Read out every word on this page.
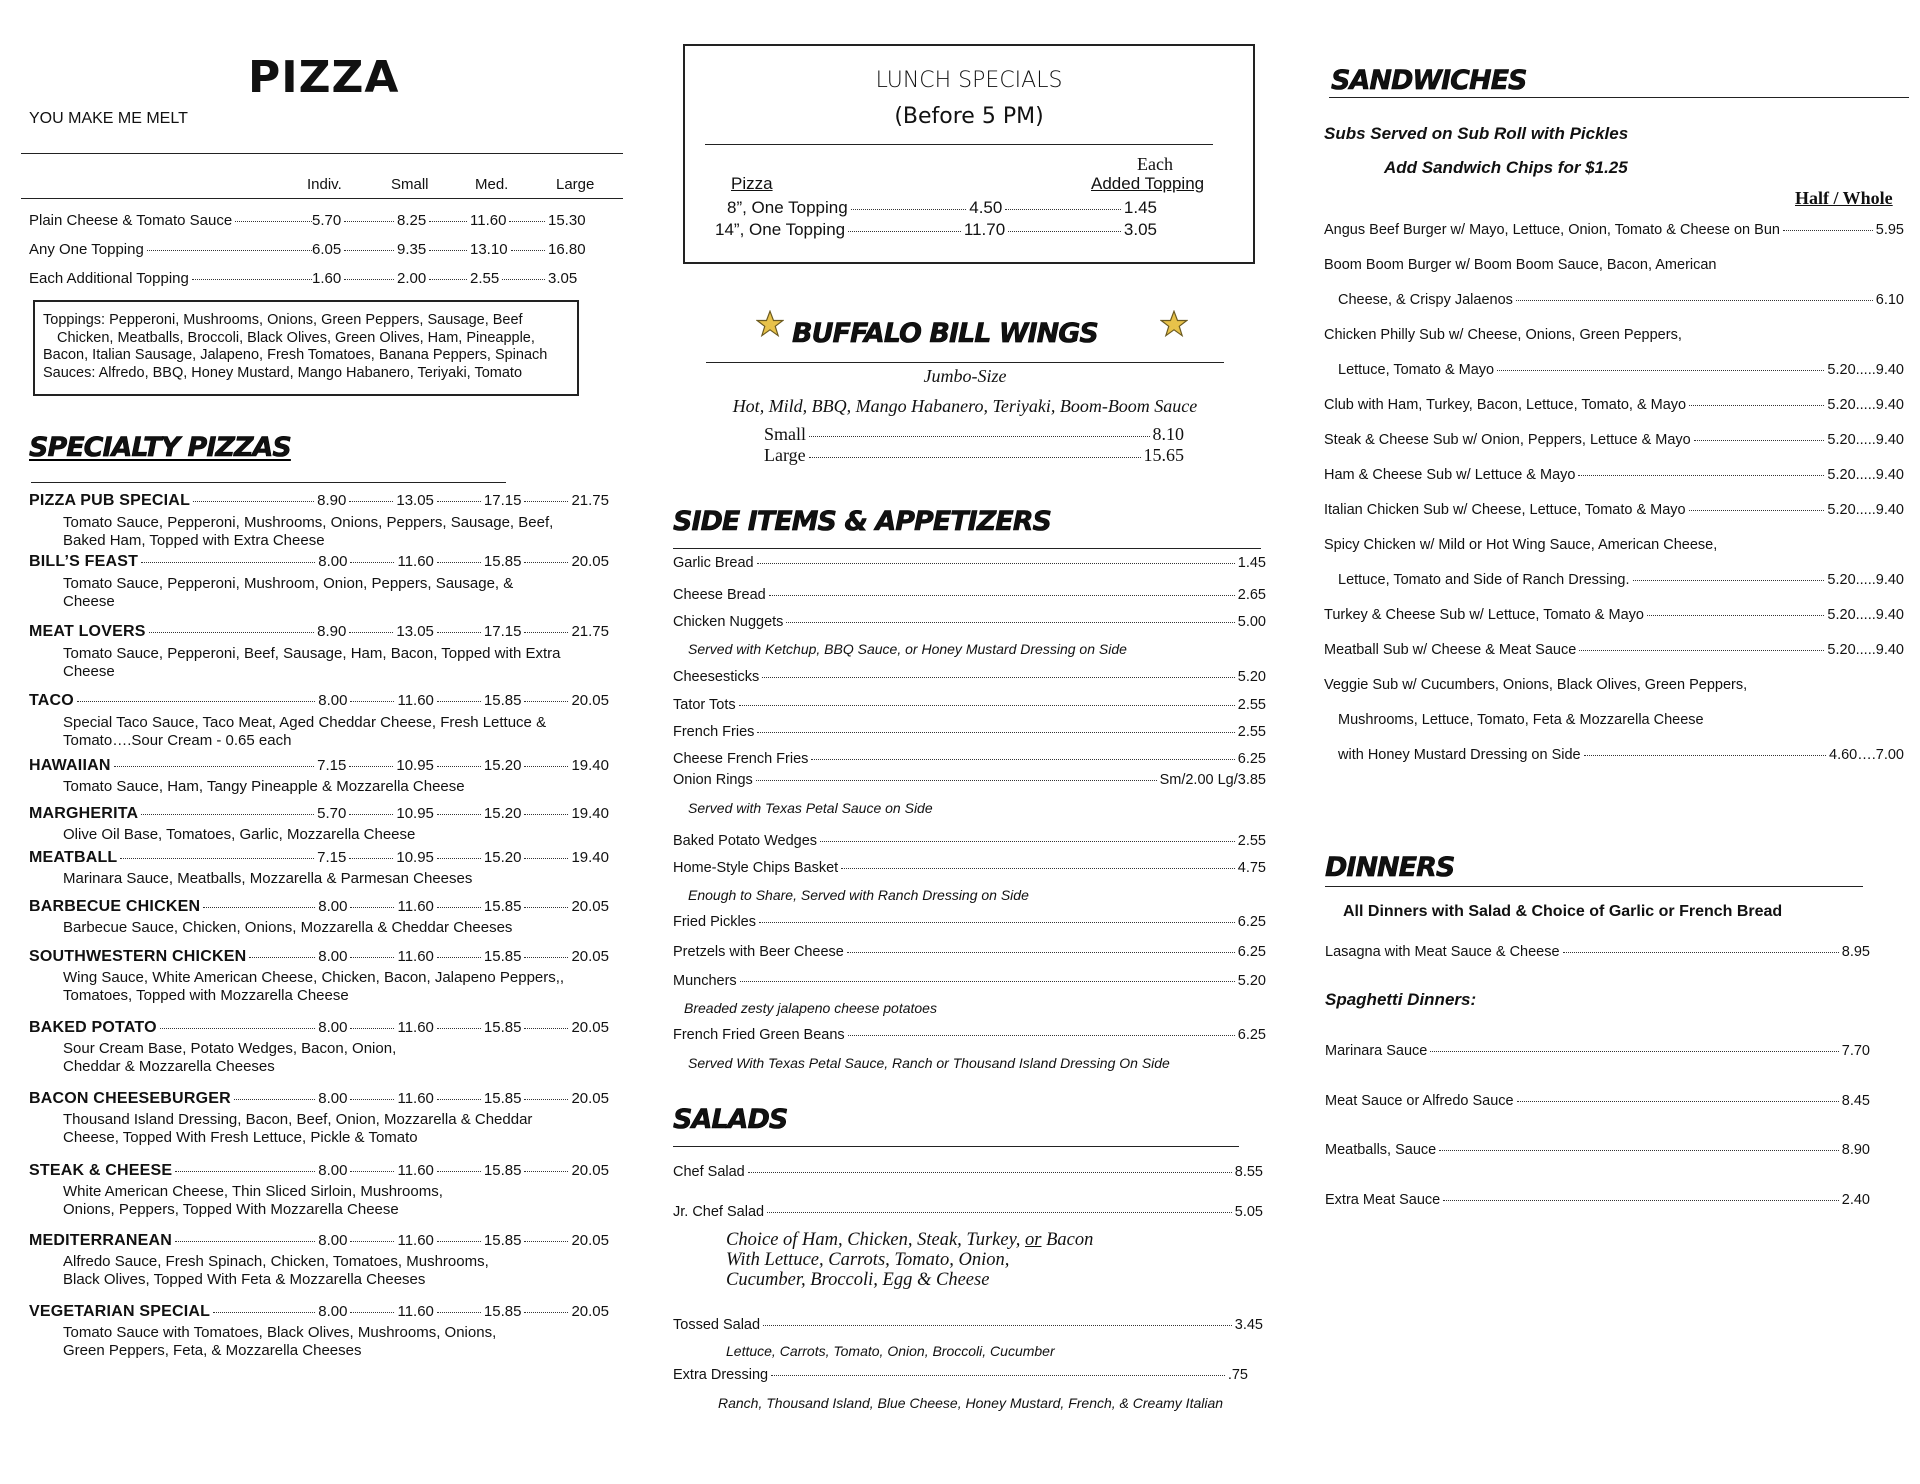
PIZZA
YOU MAKE ME MELT
Indiv.	Small	Med.	Large
Plain Cheese & Tomato Sauce	5.70	8.25	11.60	15.30
Any One Topping	6.05	9.35	13.10	16.80
Each Additional Topping	1.60	2.00	2.55	3.05
Toppings: Pepperoni, Mushrooms, Onions, Green Peppers, Sausage, Beef
Chicken, Meatballs, Broccoli, Black Olives, Green Olives, Ham, Pineapple,
Bacon, Italian Sausage, Jalapeno, Fresh Tomatoes, Banana Peppers, Spinach
Sauces: Alfredo, BBQ, Honey Mustard, Mango Habanero, Teriyaki, Tomato
SPECIALTY PIZZAS
PIZZA PUB SPECIAL	8.90	13.05	17.15	21.75
Tomato Sauce, Pepperoni, Mushrooms, Onions, Peppers, Sausage, Beef,
Baked Ham, Topped with Extra Cheese
BILL’S FEAST	8.00	11.60	15.85	20.05
Tomato Sauce, Pepperoni, Mushroom, Onion, Peppers, Sausage, &
Cheese
MEAT LOVERS	8.90	13.05	17.15	21.75
Tomato Sauce, Pepperoni, Beef, Sausage, Ham, Bacon, Topped with Extra
Cheese
TACO	8.00	11.60	15.85	20.05
Special Taco Sauce, Taco Meat, Aged Cheddar Cheese, Fresh Lettuce &
Tomato….Sour Cream - 0.65 each
HAWAIIAN	7.15	10.95	15.20	19.40
Tomato Sauce, Ham, Tangy Pineapple & Mozzarella Cheese
MARGHERITA	5.70	10.95	15.20	19.40
Olive Oil Base, Tomatoes, Garlic, Mozzarella Cheese
MEATBALL	7.15	10.95	15.20	19.40
Marinara Sauce, Meatballs, Mozzarella & Parmesan Cheeses
BARBECUE CHICKEN	8.00	11.60	15.85	20.05
Barbecue Sauce, Chicken, Onions, Mozzarella & Cheddar Cheeses
SOUTHWESTERN CHICKEN	8.00	11.60	15.85	20.05
Wing Sauce, White American Cheese, Chicken, Bacon, Jalapeno Peppers,,
Tomatoes, Topped with Mozzarella Cheese
BAKED POTATO	8.00	11.60	15.85	20.05
Sour Cream Base, Potato Wedges, Bacon, Onion,
Cheddar & Mozzarella Cheeses
BACON CHEESEBURGER	8.00	11.60	15.85	20.05
Thousand Island Dressing, Bacon, Beef, Onion, Mozzarella & Cheddar
Cheese, Topped With Fresh Lettuce, Pickle & Tomato
STEAK & CHEESE	8.00	11.60	15.85	20.05
White American Cheese, Thin Sliced Sirloin, Mushrooms,
Onions, Peppers, Topped With Mozzarella Cheese
MEDITERRANEAN	8.00	11.60	15.85	20.05
Alfredo Sauce, Fresh Spinach, Chicken, Tomatoes, Mushrooms,
Black Olives, Topped With Feta & Mozzarella Cheeses
VEGETARIAN SPECIAL	8.00	11.60	15.85	20.05
Tomato Sauce with Tomatoes, Black Olives, Mushrooms, Onions,
Green Peppers, Feta, & Mozzarella Cheeses
LUNCH SPECIALS
(Before 5 PM)
Each
Pizza	Added Topping
8”, One Topping	4.50	1.45
14”, One Topping	11.70	3.05
BUFFALO BILL WINGS
Jumbo-Size
Hot, Mild, BBQ, Mango Habanero, Teriyaki, Boom-Boom Sauce
Small	8.10
Large	15.65
SIDE ITEMS & APPETIZERS
Garlic Bread	1.45
Cheese Bread	2.65
Chicken Nuggets	5.00
Served with Ketchup, BBQ Sauce, or Honey Mustard Dressing on Side
Cheesesticks	5.20
Tator Tots	2.55
French Fries	2.55
Cheese French Fries	6.25
Onion Rings	Sm/2.00 Lg/3.85
Served with Texas Petal Sauce on Side
Baked Potato Wedges	2.55
Home-Style Chips Basket	4.75
Enough to Share, Served with Ranch Dressing on Side
Fried Pickles	6.25
Pretzels with Beer Cheese	6.25
Munchers	5.20
Breaded zesty jalapeno cheese potatoes
French Fried Green Beans	6.25
Served With Texas Petal Sauce, Ranch or Thousand Island Dressing On Side
SALADS
Chef Salad	8.55
Jr. Chef Salad	5.05
Choice of Ham, Chicken, Steak, Turkey, or Bacon
With Lettuce, Carrots, Tomato, Onion,
Cucumber, Broccoli, Egg & Cheese
Tossed Salad	3.45
Lettuce, Carrots, Tomato, Onion, Broccoli, Cucumber
Extra Dressing	.75
Ranch, Thousand Island, Blue Cheese, Honey Mustard, French, & Creamy Italian
SANDWICHES
Subs Served on Sub Roll with Pickles
Add Sandwich Chips for $1.25
Half / Whole
Angus Beef Burger w/ Mayo, Lettuce, Onion, Tomato & Cheese on Bun	5.95
Boom Boom Burger w/ Boom Boom Sauce, Bacon, American
Cheese, & Crispy Jalaenos	6.10
Chicken Philly Sub w/ Cheese, Onions, Green Peppers,
Lettuce, Tomato & Mayo	5.20.....9.40
Club with Ham, Turkey, Bacon, Lettuce, Tomato, & Mayo	5.20.....9.40
Steak & Cheese Sub w/ Onion, Peppers, Lettuce & Mayo	5.20.....9.40
Ham & Cheese Sub w/ Lettuce & Mayo	5.20.....9.40
Italian Chicken Sub w/ Cheese, Lettuce, Tomato & Mayo	5.20.....9.40
Spicy Chicken w/ Mild or Hot Wing Sauce, American Cheese,
Lettuce, Tomato and Side of Ranch Dressing.	5.20.....9.40
Turkey & Cheese Sub w/ Lettuce, Tomato & Mayo	5.20.....9.40
Meatball Sub w/ Cheese & Meat Sauce	5.20.....9.40
Veggie Sub w/ Cucumbers, Onions, Black Olives, Green Peppers,
Mushrooms, Lettuce, Tomato, Feta & Mozzarella Cheese
with Honey Mustard Dressing on Side	4.60….7.00
DINNERS
All Dinners with Salad & Choice of Garlic or French Bread
Lasagna with Meat Sauce & Cheese	8.95
Spaghetti Dinners:
Marinara Sauce	7.70
Meat Sauce or Alfredo Sauce	8.45
Meatballs, Sauce	8.90
Extra Meat Sauce	2.40
